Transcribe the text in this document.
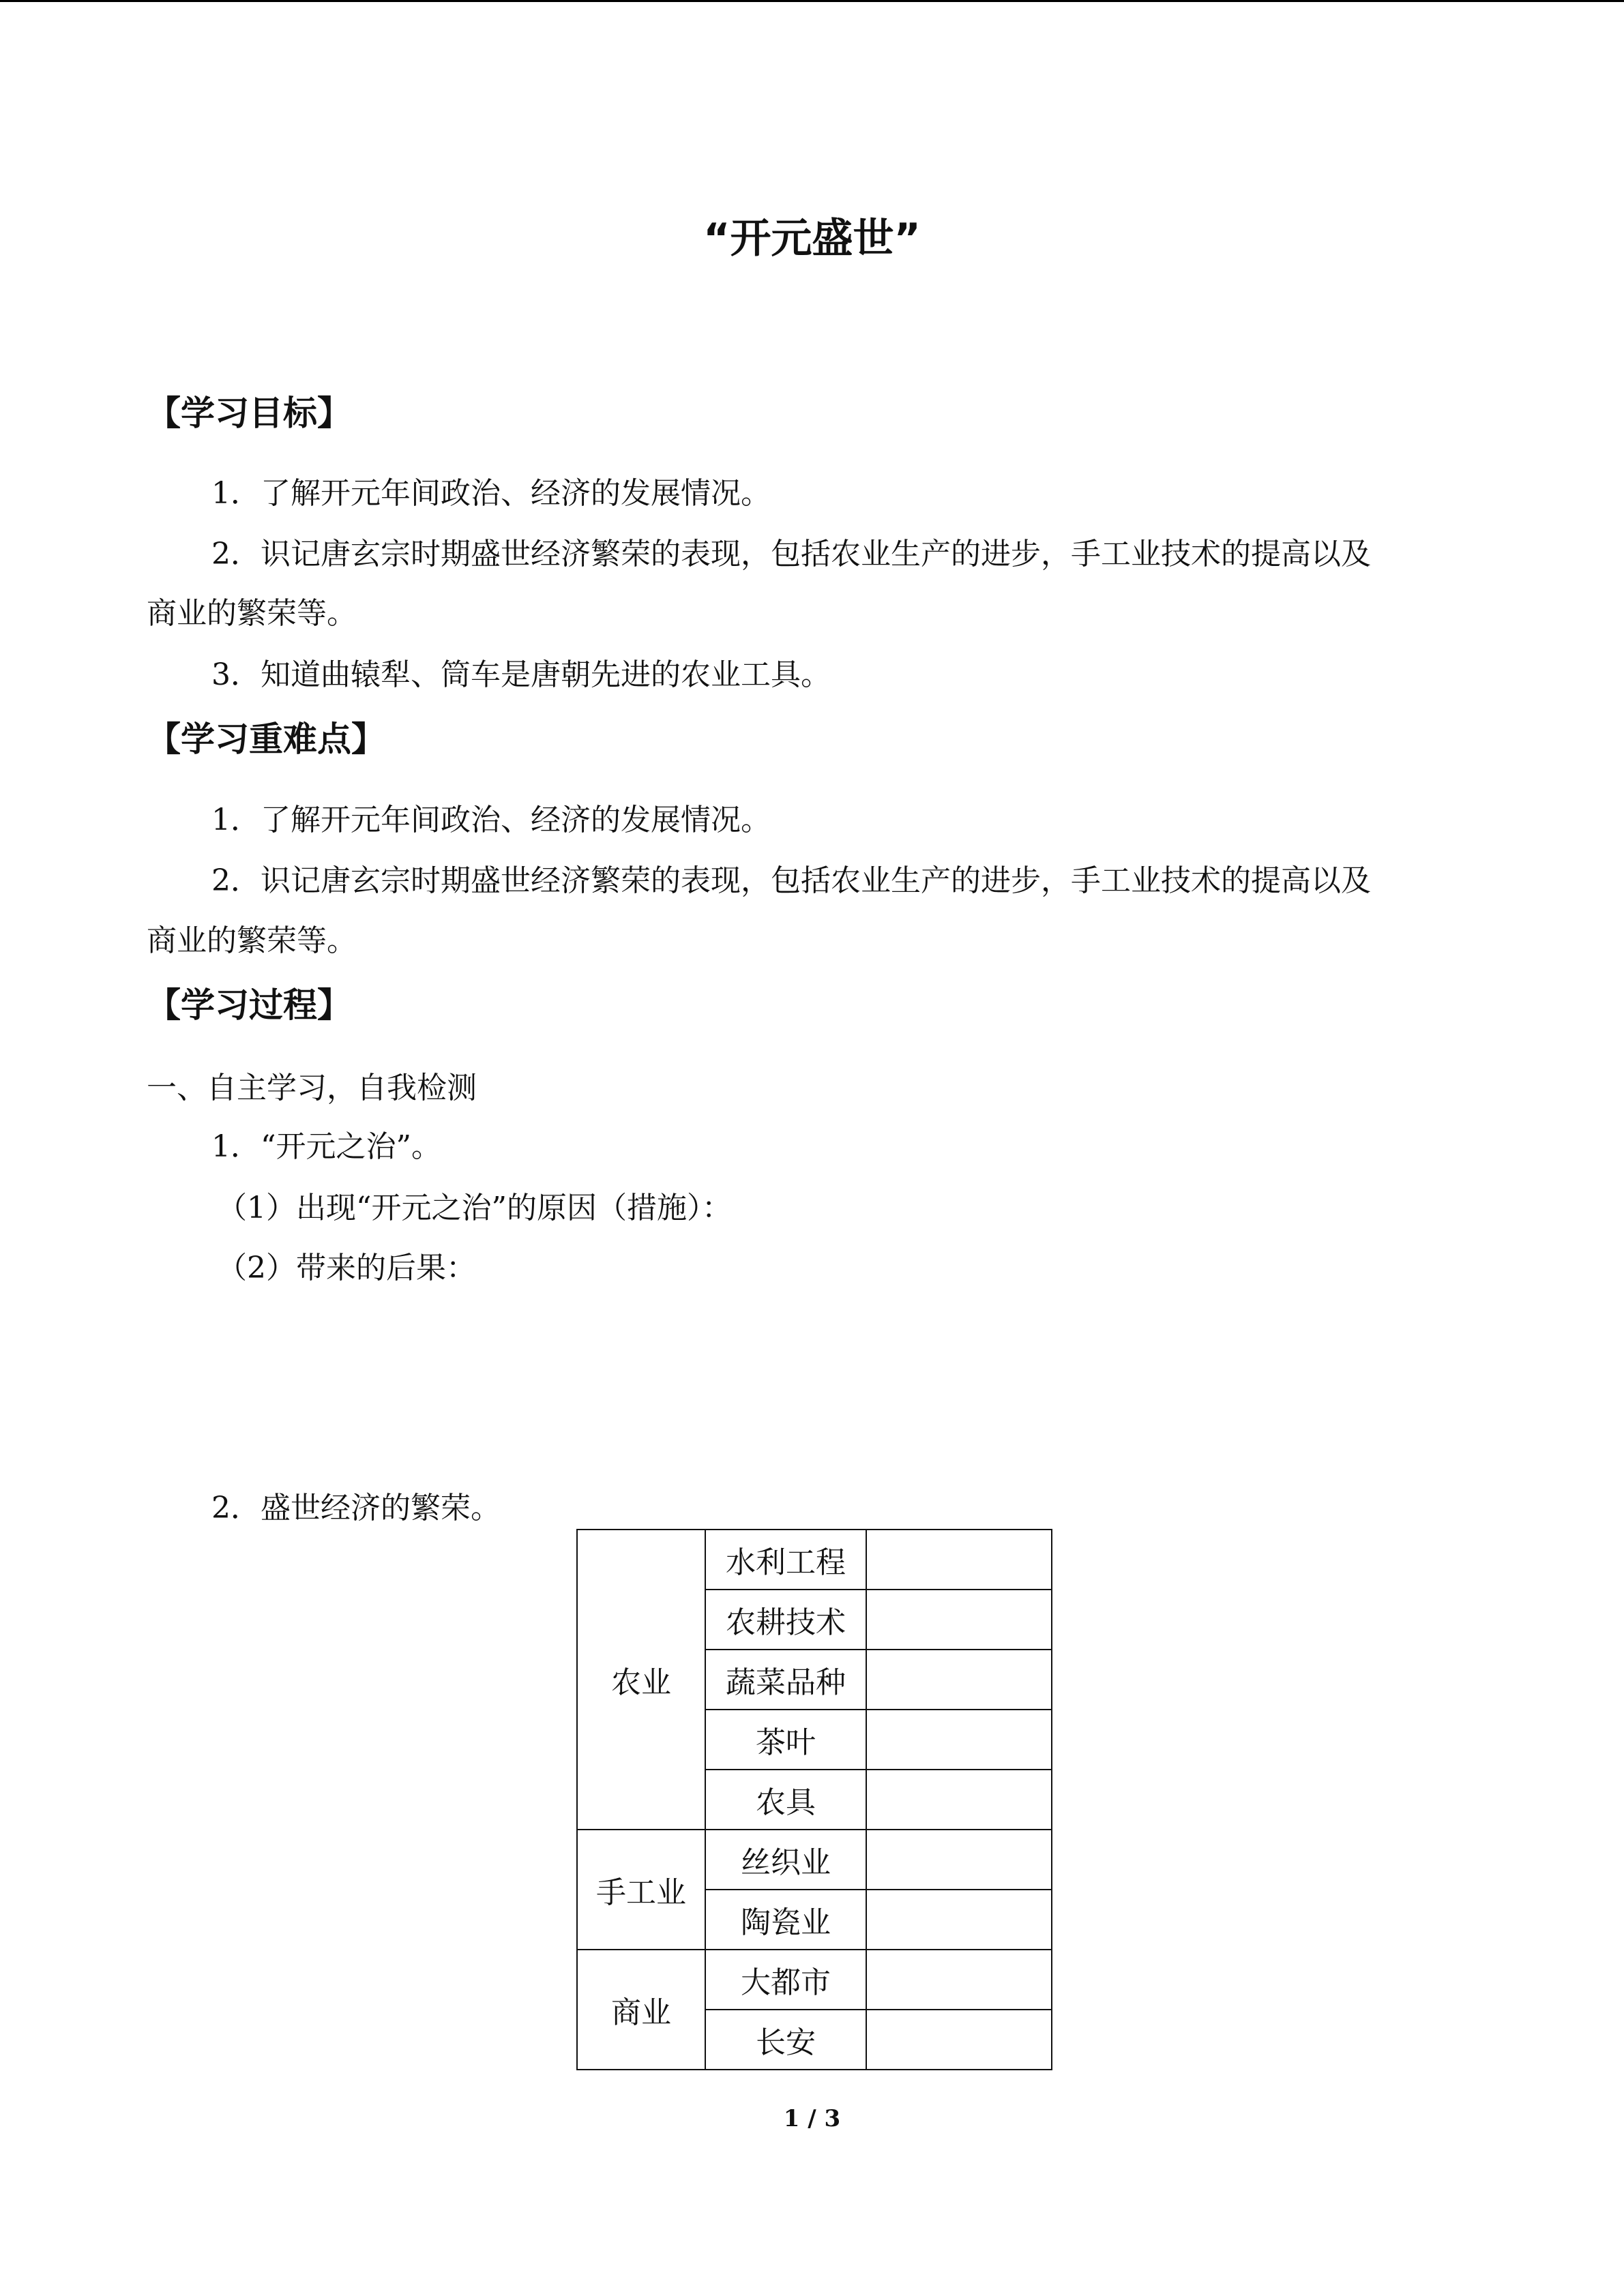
“开元盛世”
【学习目标】

1．了解开元年间政治、经济的发展情况。

2．识记唐玄宗时期盛世经济繁荣的表现，包括农业生产的进步，手工业技术的提高以及

商业的繁荣等。

3．知道曲辕犁、筒车是唐朝先进的农业工具。

【学习重难点】

1．了解开元年间政治、经济的发展情况。

2．识记唐玄宗时期盛世经济繁荣的表现，包括农业生产的进步，手工业技术的提高以及

商业的繁荣等。

【学习过程】

一、自主学习，自我检测

1．“开元之治”。

（1）出现“开元之治”的原因（措施）：

（2）带来的后果：

2．盛世经济的繁荣。

农业	水利工程	
	农耕技术	
	蔬菜品种	
	茶叶	
	农具	
手工业	丝织业	
	陶瓷业	
商业	大都市	
	长安	

1 / 3
